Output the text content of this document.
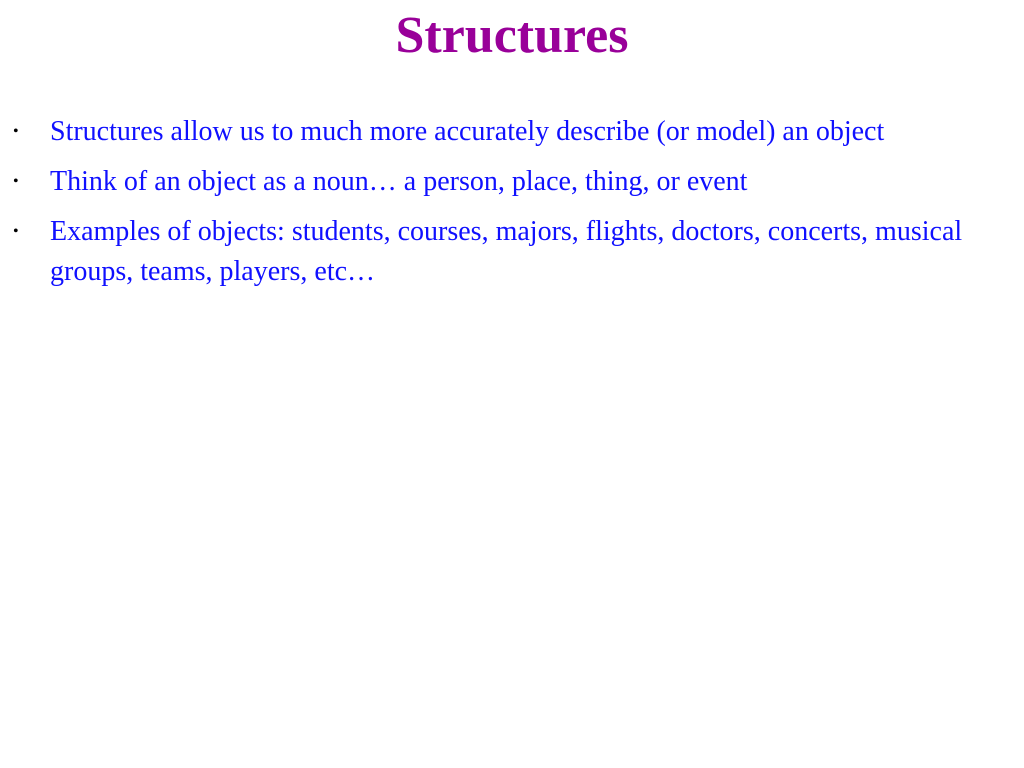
Structures
• Structures allow us to much more accurately describe (or model) an object
• Think of an object as a noun… a person, place, thing, or event
• Examples of objects: students, courses, majors, flights, doctors, concerts, musical groups, teams, players, etc…
